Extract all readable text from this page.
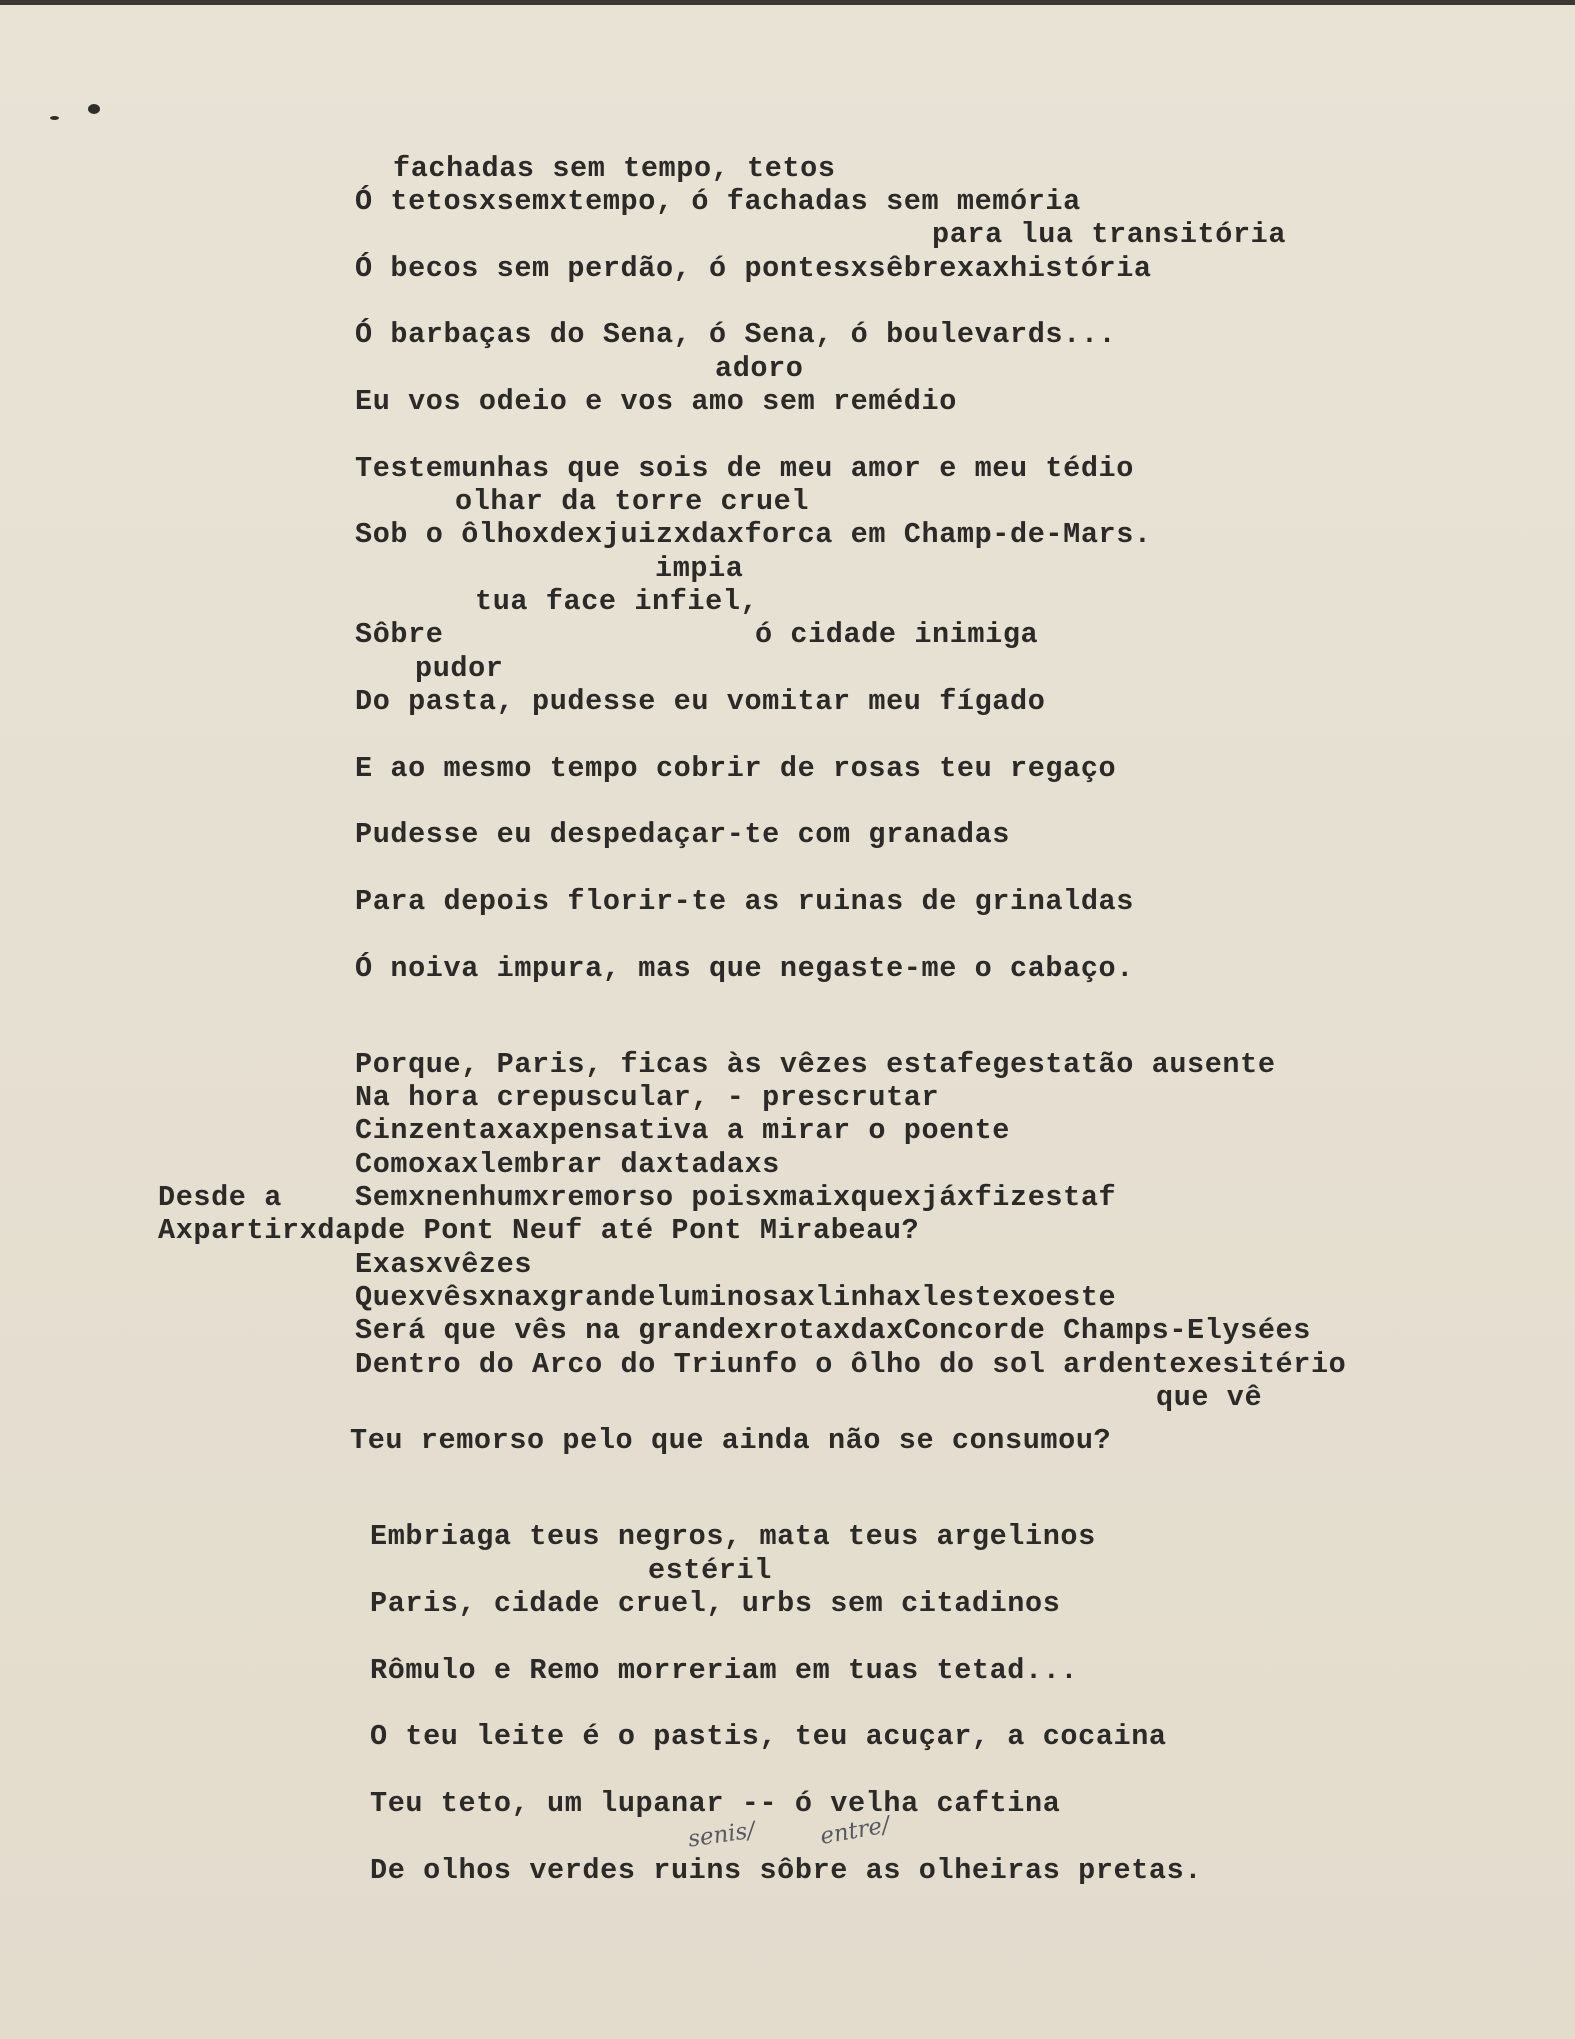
fachadas sem tempo, tetos

Ó tetosxsemxtempo, ó fachadas sem memória

para lua transitória

Ó becos sem perdão, ó pontesxsêbrexaxhistória

Ó barbaças do Sena, ó Sena, ó boulevards...

adoro

Eu vos odeio e vos amo sem remédio

Testemunhas que sois de meu amor e meu tédio

olhar da torre cruel

Sob o ôlhoxdexjuizxdaxforca em Champ-de-Mars.

impia

tua face infiel,

Sôbre	ó cidade inimiga

pudor

Do pasta, pudesse eu vomitar meu fígado

E ao mesmo tempo cobrir de rosas teu regaço

Pudesse eu despedaçar-te com granadas

Para depois florir-te as ruinas de grinaldas

Ó noiva impura, mas que negaste-me o cabaço.

Porque, Paris, ficas às vêzes estafegestatão ausente

Na hora crepuscular, - prescrutar

Cinzentaxaxpensativa a mirar o poente

Comoxaxlembrar daxtadaxs

Desde a	Semxnenhumxremorso poisxmaixquexjáxfizestaf

Axpartirxdapde Pont Neuf até Pont Mirabeau?

Exasxvêzes

Quexvêsxnaxgrandeluminosaxlinhaxlestexoeste

Será que vês na grandexrotaxdaxConcorde Champs-Elysées

Dentro do Arco do Triunfo o ôlho do sol ardentexesitério

que vê

Teu remorso pelo que ainda não se consumou?

Embriaga teus negros, mata teus argelinos

estéril

Paris, cidade cruel, urbs sem citadinos

Rômulo e Remo morreriam em tuas tetad...

O teu leite é o pastis, teu acuçar, a cocaina

Teu teto, um lupanar -- ó velha caftina

De olhos verdes ruins sôbre as olheiras pretas.

senis/	entre/
